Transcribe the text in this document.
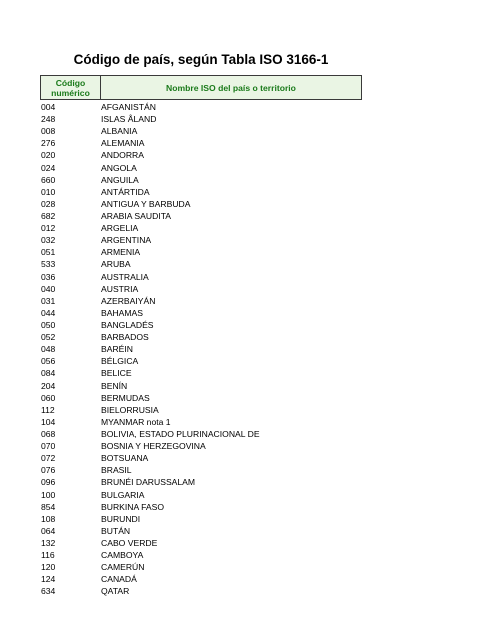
Código de país, según Tabla ISO 3166-1
Código numérico	Nombre ISO del país o territorio
004	AFGANISTÁN
248	ISLAS ÅLAND
008	ALBANIA
276	ALEMANIA
020	ANDORRA
024	ANGOLA
660	ANGUILA
010	ANTÁRTIDA
028	ANTIGUA Y BARBUDA
682	ARABIA SAUDITA
012	ARGELIA
032	ARGENTINA
051	ARMENIA
533	ARUBA
036	AUSTRALIA
040	AUSTRIA
031	AZERBAIYÁN
044	BAHAMAS
050	BANGLADÉS
052	BARBADOS
048	BARÉIN
056	BÉLGICA
084	BELICE
204	BENÍN
060	BERMUDAS
112	BIELORRUSIA
104	MYANMAR nota 1
068	BOLIVIA, ESTADO PLURINACIONAL DE
070	BOSNIA Y HERZEGOVINA
072	BOTSUANA
076	BRASIL
096	BRUNÉI DARUSSALAM
100	BULGARIA
854	BURKINA FASO
108	BURUNDI
064	BUTÁN
132	CABO VERDE
116	CAMBOYA
120	CAMERÚN
124	CANADÁ
634	QATAR
